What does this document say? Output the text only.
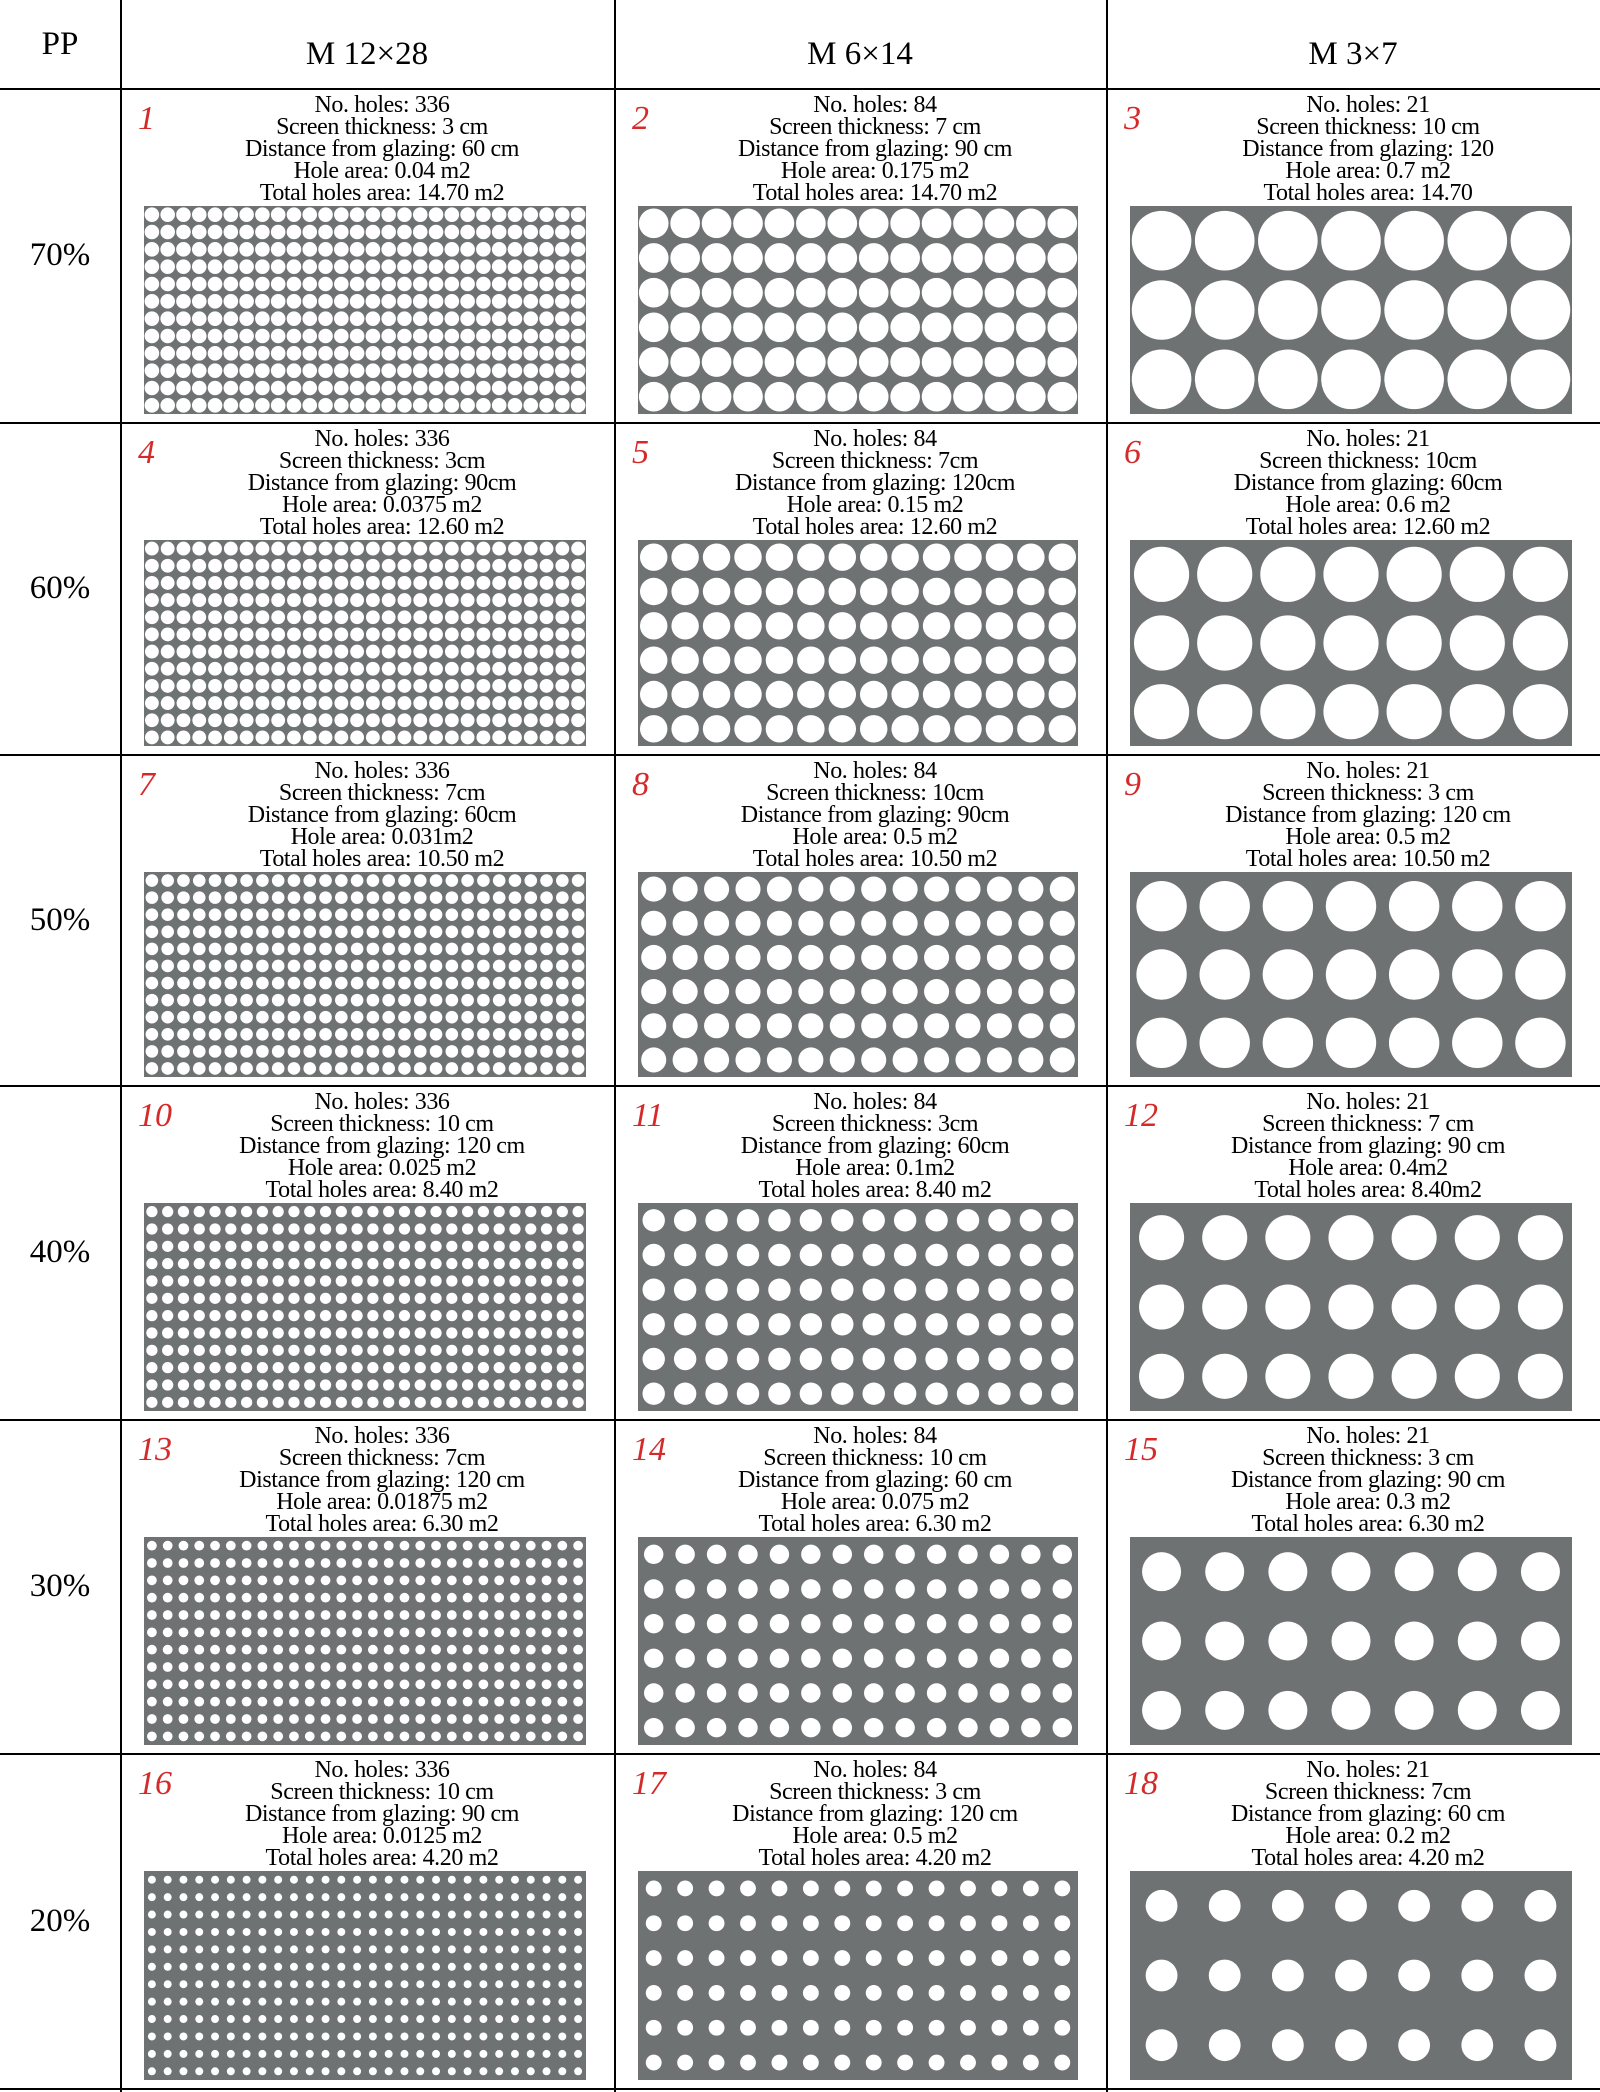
PP	M 12×28	M 6×14	M 3×7
70%
1	No. holes: 336
Screen thickness: 3 cm
Distance from glazing: 60 cm
Hole area: 0.04 m2
Total holes area: 14.70 m2
2	No. holes: 84
Screen thickness: 7 cm
Distance from glazing: 90 cm
Hole area: 0.175 m2
Total holes area: 14.70 m2
3	No. holes: 21
Screen thickness: 10 cm
Distance from glazing: 120
Hole area: 0.7 m2
Total holes area: 14.70
60%
4	No. holes: 336
Screen thickness: 3cm
Distance from glazing: 90cm
Hole area: 0.0375 m2
Total holes area: 12.60 m2
5	No. holes: 84
Screen thickness: 7cm
Distance from glazing: 120cm
Hole area: 0.15 m2
Total holes area: 12.60 m2
6	No. holes: 21
Screen thickness: 10cm
Distance from glazing: 60cm
Hole area: 0.6 m2
Total holes area: 12.60 m2
50%
7	No. holes: 336
Screen thickness: 7cm
Distance from glazing: 60cm
Hole area: 0.031m2
Total holes area: 10.50 m2
8	No. holes: 84
Screen thickness: 10cm
Distance from glazing: 90cm
Hole area: 0.5 m2
Total holes area: 10.50 m2
9	No. holes: 21
Screen thickness: 3 cm
Distance from glazing: 120 cm
Hole area: 0.5 m2
Total holes area: 10.50 m2
40%
10	No. holes: 336
Screen thickness: 10 cm
Distance from glazing: 120 cm
Hole area: 0.025 m2
Total holes area: 8.40 m2
11	No. holes: 84
Screen thickness: 3cm
Distance from glazing: 60cm
Hole area: 0.1m2
Total holes area: 8.40 m2
12	No. holes: 21
Screen thickness: 7 cm
Distance from glazing: 90 cm
Hole area: 0.4m2
Total holes area: 8.40m2
30%
13	No. holes: 336
Screen thickness: 7cm
Distance from glazing: 120 cm
Hole area: 0.01875 m2
Total holes area: 6.30 m2
14	No. holes: 84
Screen thickness: 10 cm
Distance from glazing: 60 cm
Hole area: 0.075 m2
Total holes area: 6.30 m2
15	No. holes: 21
Screen thickness: 3 cm
Distance from glazing: 90 cm
Hole area: 0.3 m2
Total holes area: 6.30 m2
20%
16	No. holes: 336
Screen thickness: 10 cm
Distance from glazing: 90 cm
Hole area: 0.0125 m2
Total holes area: 4.20 m2
17	No. holes: 84
Screen thickness: 3 cm
Distance from glazing: 120 cm
Hole area: 0.5 m2
Total holes area: 4.20 m2
18	No. holes: 21
Screen thickness: 7cm
Distance from glazing: 60 cm
Hole area: 0.2 m2
Total holes area: 4.20 m2
